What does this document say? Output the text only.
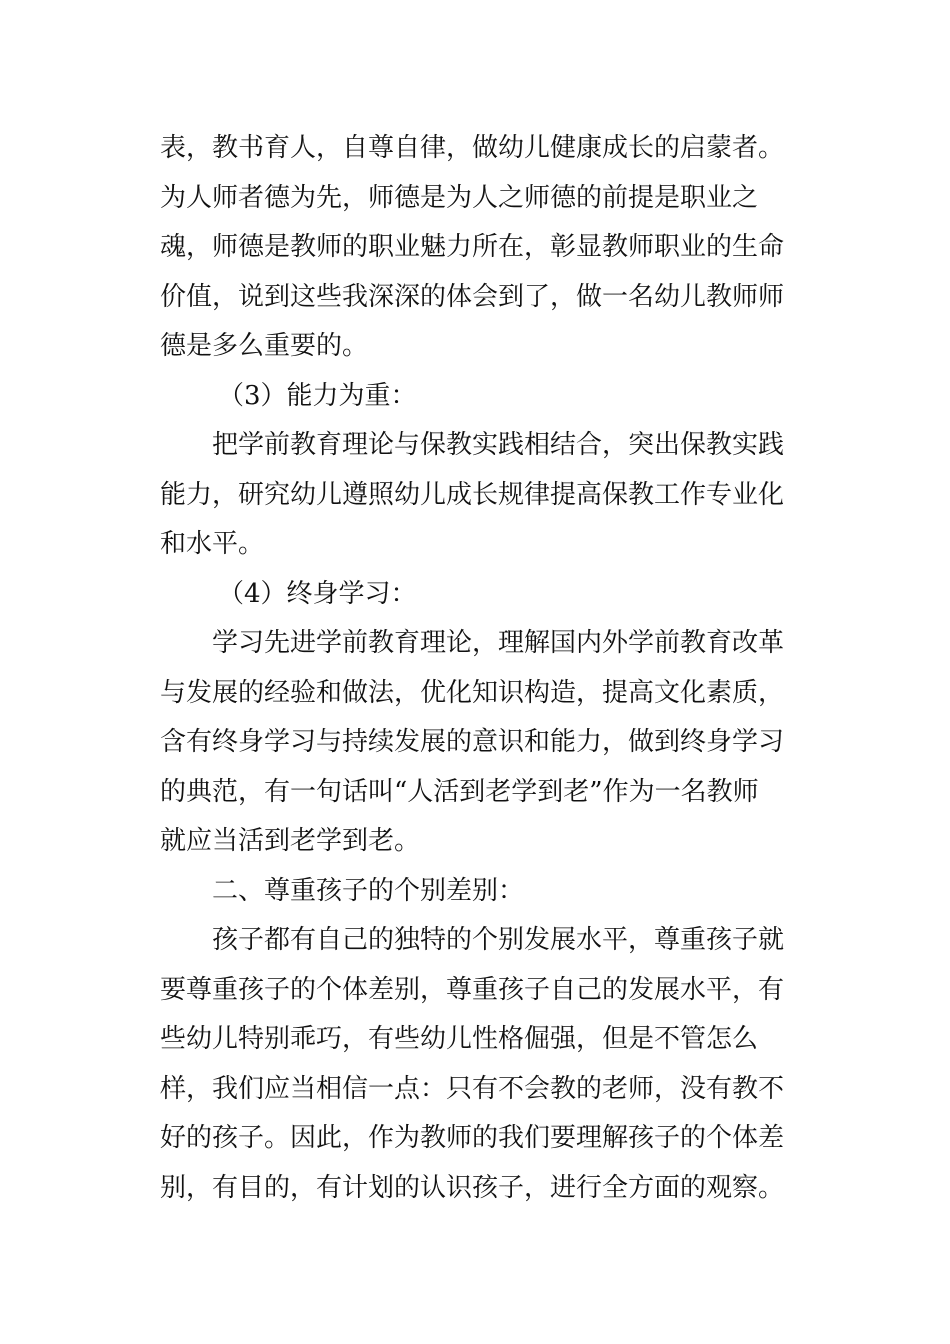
表，教书育人，自尊自律，做幼儿健康成长的启蒙者。
为人师者德为先，师德是为人之师德的前提是职业之
魂，师德是教师的职业魅力所在，彰显教师职业的生命
价值，说到这些我深深的体会到了，做一名幼儿教师师
德是多么重要的。
（3）能力为重：
把学前教育理论与保教实践相结合，突出保教实践
能力，研究幼儿遵照幼儿成长规律提高保教工作专业化
和水平。
（4）终身学习：
学习先进学前教育理论，理解国内外学前教育改革
与发展的经验和做法，优化知识构造，提高文化素质，
含有终身学习与持续发展的意识和能力，做到终身学习
的典范，有一句话叫“人活到老学到老”作为一名教师
就应当活到老学到老。
二、尊重孩子的个别差别：
孩子都有自己的独特的个别发展水平，尊重孩子就
要尊重孩子的个体差别，尊重孩子自己的发展水平，有
些幼儿特别乖巧，有些幼儿性格倔强，但是不管怎么
样，我们应当相信一点：只有不会教的老师，没有教不
好的孩子。因此，作为教师的我们要理解孩子的个体差
别，有目的，有计划的认识孩子，进行全方面的观察。
